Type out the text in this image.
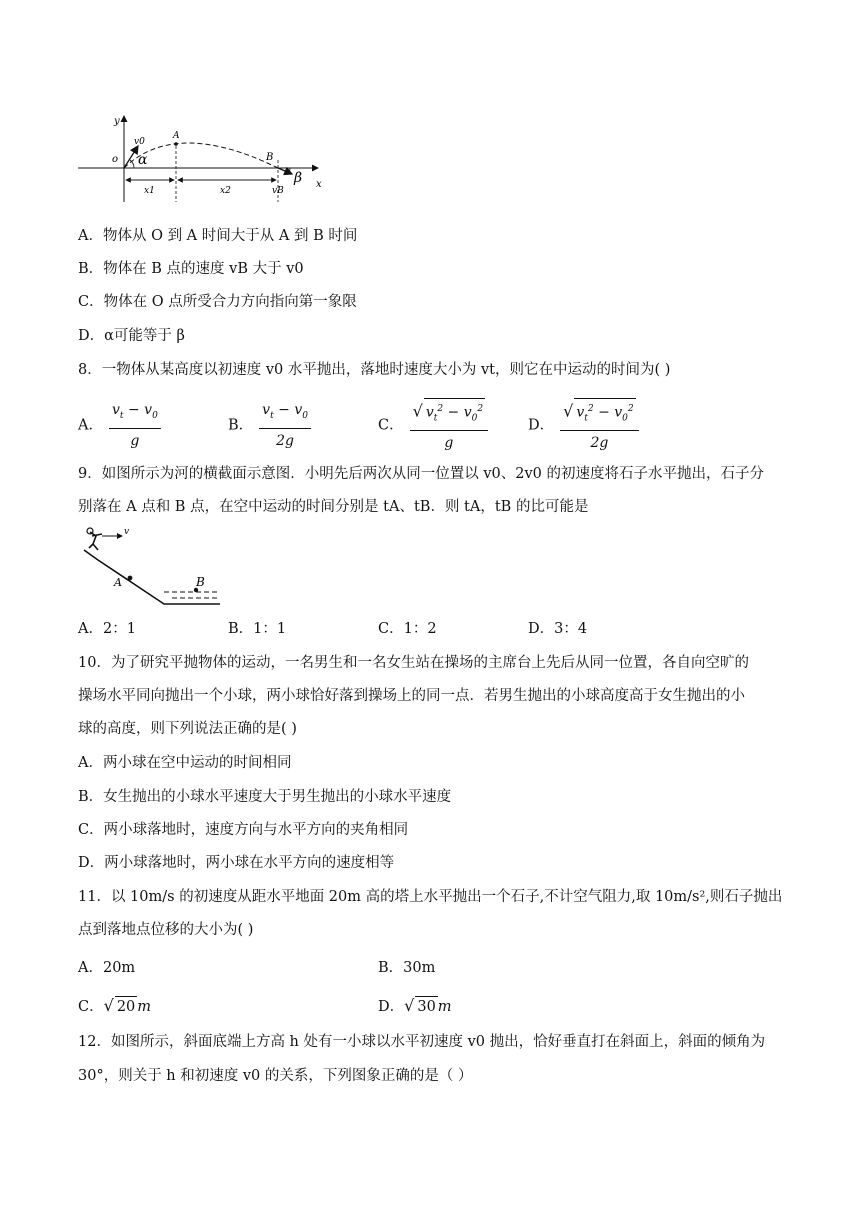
y
x
o
v0
A
B
α
β
x1	x2	vB
A．物体从 O 到 A 时间大于从 A 到 B 时间
B．物体在 B 点的速度 vB 大于 v0
C．物体在 O 点所受合力方向指向第一象限
D．α可能等于 β
8．一物体从某高度以初速度 v0 水平抛出，落地时速度大小为 vt，则它在中运动的时间为( )
A． $\frac{v_t - v_0}{g}$	B． $\frac{v_t - v_0}{2g}$	C． $\frac{√ v_t^2 - v_0^2}{g}$	D． $\frac{√ v_t^2 - v_0^2}{2g}$
9．如图所示为河的横截面示意图．小明先后两次从同一位置以 v0、2v0 的初速度将石子水平抛出，石子分
别落在 A 点和 B 点，在空中运动的时间分别是 tA、tB．则 tA，tB 的比可能是
v
A	B
A．2：1	B．1：1	C．1：2	D．3：4
10．为了研究平抛物体的运动，一名男生和一名女生站在操场的主席台上先后从同一位置，各自向空旷的
操场水平同向抛出一个小球，两小球恰好落到操场上的同一点．若男生抛出的小球高度高于女生抛出的小
球的高度，则下列说法正确的是( )
A．两小球在空中运动的时间相同
B．女生抛出的小球水平速度大于男生抛出的小球水平速度
C．两小球落地时，速度方向与水平方向的夹角相同
D．两小球落地时，两小球在水平方向的速度相等
11．以 10m/s 的初速度从距水平地面 20m 高的塔上水平抛出一个石子,不计空气阻力,取 10m/s²,则石子抛出
点到落地点位移的大小为( )
A．20m	B．30m
C．√ 20 m	D．√ 30 m
12．如图所示，斜面底端上方高 h 处有一小球以水平初速度 v0 抛出，恰好垂直打在斜面上，斜面的倾角为
30°，则关于 h 和初速度 v0 的关系，下列图象正确的是（ ）
